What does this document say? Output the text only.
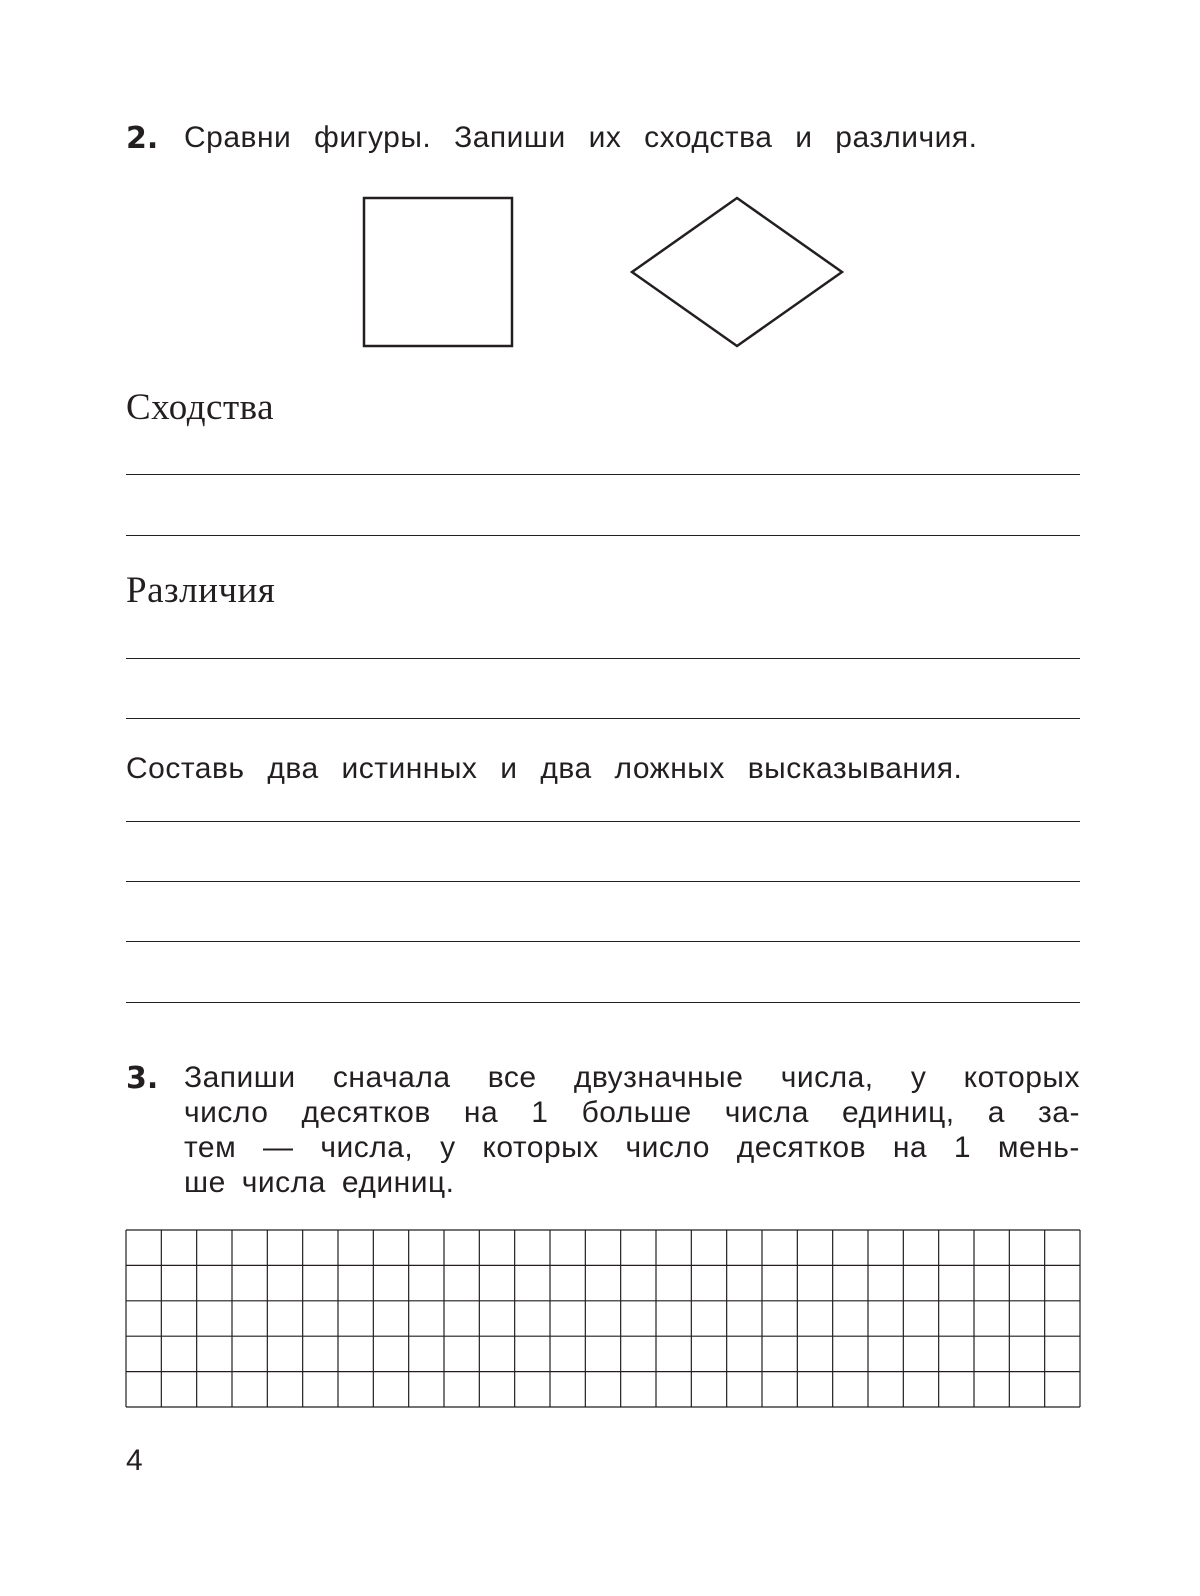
2. Сравни фигуры. Запиши их сходства и различия.
Сходства
Различия
Составь два истинных и два ложных высказывания.
3. Запиши сначала все двузначные числа, у которых
число десятков на 1 больше числа единиц, а за-
тем — числа, у которых число десятков на 1 мень-
ше числа единиц.
4
